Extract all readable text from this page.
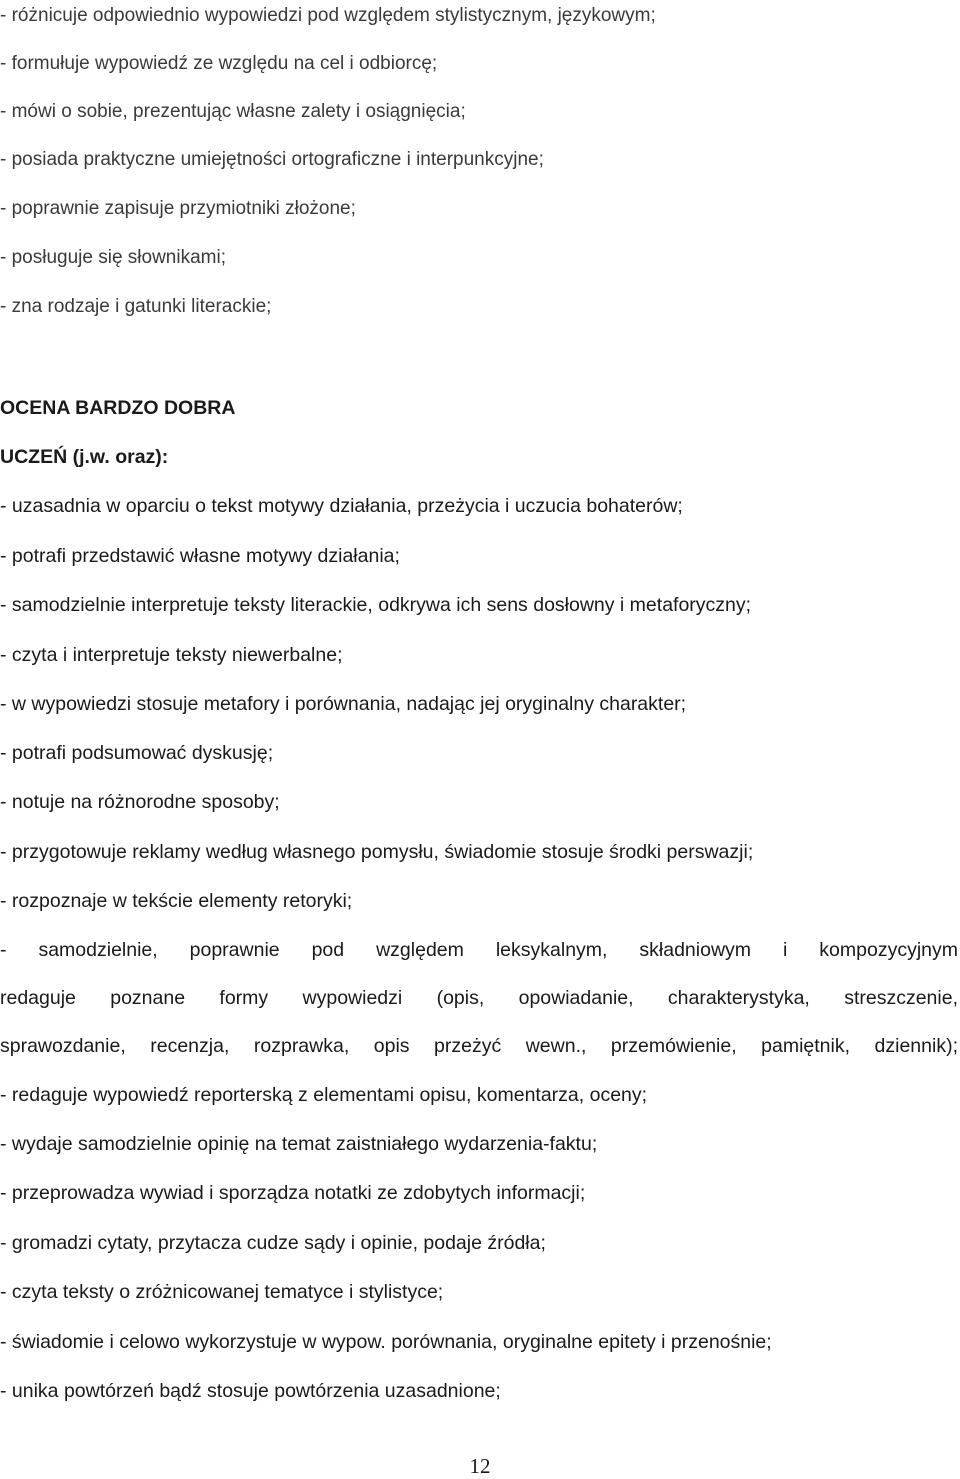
- różnicuje odpowiednio wypowiedzi pod względem stylistycznym, językowym;
- formułuje wypowiedź ze względu na cel i odbiorcę;
- mówi o sobie, prezentując własne zalety i osiągnięcia;
- posiada praktyczne umiejętności ortograficzne i interpunkcyjne;
- poprawnie zapisuje przymiotniki złożone;
- posługuje się słownikami;
- zna rodzaje i gatunki literackie;
OCENA BARDZO DOBRA
UCZEŃ (j.w. oraz):
- uzasadnia w oparciu o tekst motywy działania, przeżycia i uczucia bohaterów;
- potrafi przedstawić własne motywy działania;
- samodzielnie interpretuje teksty literackie, odkrywa ich sens dosłowny i metaforyczny;
- czyta i interpretuje teksty niewerbalne;
- w wypowiedzi stosuje metafory i porównania, nadając jej oryginalny charakter;
- potrafi podsumować dyskusję;
- notuje na różnorodne sposoby;
- przygotowuje reklamy według własnego pomysłu, świadomie stosuje środki perswazji;
- rozpoznaje w tekście elementy retoryki;
- samodzielnie, poprawnie pod względem leksykalnym, składniowym i kompozycyjnym
redaguje poznane formy wypowiedzi (opis, opowiadanie, charakterystyka, streszczenie,
sprawozdanie, recenzja, rozprawka, opis przeżyć wewn., przemówienie, pamiętnik, dziennik);
- redaguje wypowiedź reporterską z elementami opisu, komentarza, oceny;
- wydaje samodzielnie opinię na temat zaistniałego wydarzenia-faktu;
- przeprowadza wywiad i sporządza notatki ze zdobytych informacji;
- gromadzi cytaty, przytacza cudze sądy i opinie, podaje źródła;
- czyta teksty o zróżnicowanej tematyce i stylistyce;
- świadomie i celowo wykorzystuje w wypow. porównania, oryginalne epitety i przenośnie;
- unika powtórzeń bądź stosuje powtórzenia uzasadnione;
12
